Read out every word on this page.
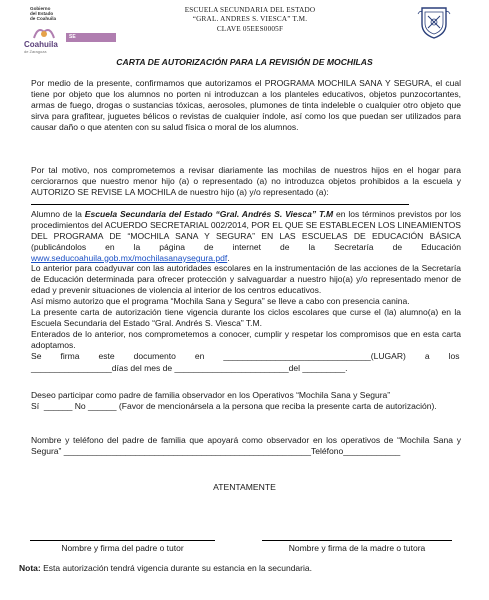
Gobierno
del Estado
de Coahuila
Coahuila
de Zaragoza
SE
ESCUELA SECUNDARIA DEL ESTADO
“GRAL. ANDRES S. VIESCA” T.M.
CLAVE 05EES0005F
CARTA DE AUTORIZACIÓN PARA LA REVISIÓN DE MOCHILAS
Por medio de la presente, confirmamos que autorizamos el PROGRAMA MOCHILA SANA Y SEGURA, el cual tiene por objeto que los alumnos no porten ni introduzcan a los planteles educativos, objetos punzocortantes, armas de fuego, drogas o sustancias tóxicas, aerosoles, plumones de tinta indeleble o cualquier otro objeto que sirva para grafitear, juguetes bélicos o revistas de cualquier índole, así como los que puedan ser utilizados para causar daño o que atenten con su salud física o moral de los alumnos.
Por tal motivo, nos comprometemos a revisar diariamente las mochilas de nuestros hijos en el hogar para cerciorarnos que nuestro menor hijo (a) o representado (a) no introduzca objetos prohibidos a la escuela y AUTORIZO SE REVISE LA MOCHILA de nuestro hijo (a) y/o representado (a):
Alumno de la Escuela Secundaria del Estado “Gral. Andrés S. Viesca” T.M en los términos previstos por los procedimientos del ACUERDO SECRETARIAL 002/2014, POR EL QUE SE ESTABLECEN LOS LINEAMIENTOS DEL PROGRAMA DE “MOCHILA SANA Y SEGURA” EN LAS ESCUELAS DE EDUCACIÓN BÁSICA (publicándolos en la página de internet de la Secretaría de Educación www.seducoahuila.gob.mx/mochilasanaysegura.pdf.
Lo anterior para coadyuvar con las autoridades escolares en la instrumentación de las acciones de la Secretaría de Educación determinada para ofrecer protección y salvaguardar a nuestro hijo(a) y/o representado menor de edad y prevenir situaciones de violencia al interior de los centros educativos.
Así mismo autorizo que el programa “Mochila Sana y Segura” se lleve a cabo con presencia canina.
La presente carta de autorización tiene vigencia durante los ciclos escolares que curse el (la) alumno(a) en la Escuela Secundaria del Estado “Gral. Andrés S. Viesca” T.M.
Enterados de lo anterior, nos comprometemos a conocer, cumplir y respetar los compromisos que en esta carta adoptamos.
Se        firma        este        documento        en        _______________________________(LUGAR)        a        los
_________________días del mes de ________________________del _________.
Deseo participar como padre de familia observador en los Operativos “Mochila Sana y Segura”
Sí  ______ No ______ (Favor de mencionársela a la persona que reciba la presente carta de autorización).
Nombre y teléfono del padre de familia que apoyará como observador en los operativos de “Mochila Sana y Segura” ____________________________________________________Teléfono____________
ATENTAMENTE
Nombre y firma del padre o tutor	Nombre y firma de la madre o tutora
Nota: Esta autorización tendrá vigencia durante su estancia en la secundaria.
